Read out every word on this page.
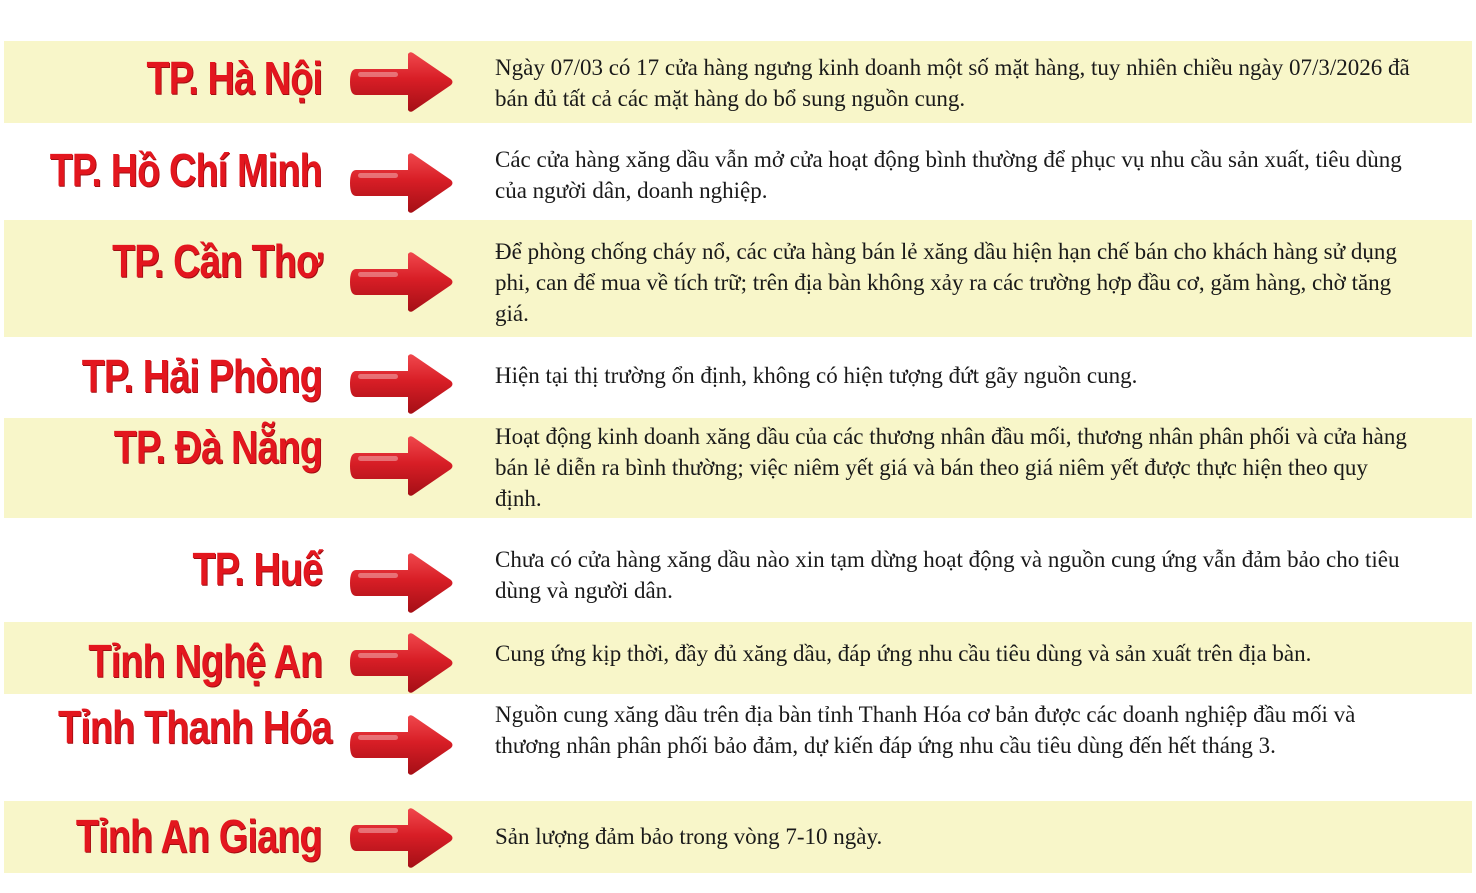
TP. Hà Nội	Ngày 07/03 có 17 cửa hàng ngưng kinh doanh một số mặt hàng, tuy nhiên chiều ngày 07/3/2026 đã bán đủ tất cả các mặt hàng do bổ sung nguồn cung.
TP. Hồ Chí Minh	Các cửa hàng xăng dầu vẫn mở cửa hoạt động bình thường để phục vụ nhu cầu sản xuất, tiêu dùng của người dân, doanh nghiệp.
TP. Cần Thơ	Để phòng chống cháy nổ, các cửa hàng bán lẻ xăng dầu hiện hạn chế bán cho khách hàng sử dụng phi, can để mua về tích trữ; trên địa bàn không xảy ra các trường hợp đầu cơ, găm hàng, chờ tăng giá.
TP. Hải Phòng	Hiện tại thị trường ổn định, không có hiện tượng đứt gãy nguồn cung.
TP. Đà Nẵng	Hoạt động kinh doanh xăng dầu của các thương nhân đầu mối, thương nhân phân phối và cửa hàng bán lẻ diễn ra bình thường; việc niêm yết giá và bán theo giá niêm yết được thực hiện theo quy định.
TP. Huế	Chưa có cửa hàng xăng dầu nào xin tạm dừng hoạt động và nguồn cung ứng vẫn đảm bảo cho tiêu dùng và người dân.
Tỉnh Nghệ An	Cung ứng kịp thời, đầy đủ xăng dầu, đáp ứng nhu cầu tiêu dùng và sản xuất trên địa bàn.
Tỉnh Thanh Hóa	Nguồn cung xăng dầu trên địa bàn tỉnh Thanh Hóa cơ bản được các doanh nghiệp đầu mối và thương nhân phân phối bảo đảm, dự kiến đáp ứng nhu cầu tiêu dùng đến hết tháng 3.
Tỉnh An Giang	Sản lượng đảm bảo trong vòng 7-10 ngày.
